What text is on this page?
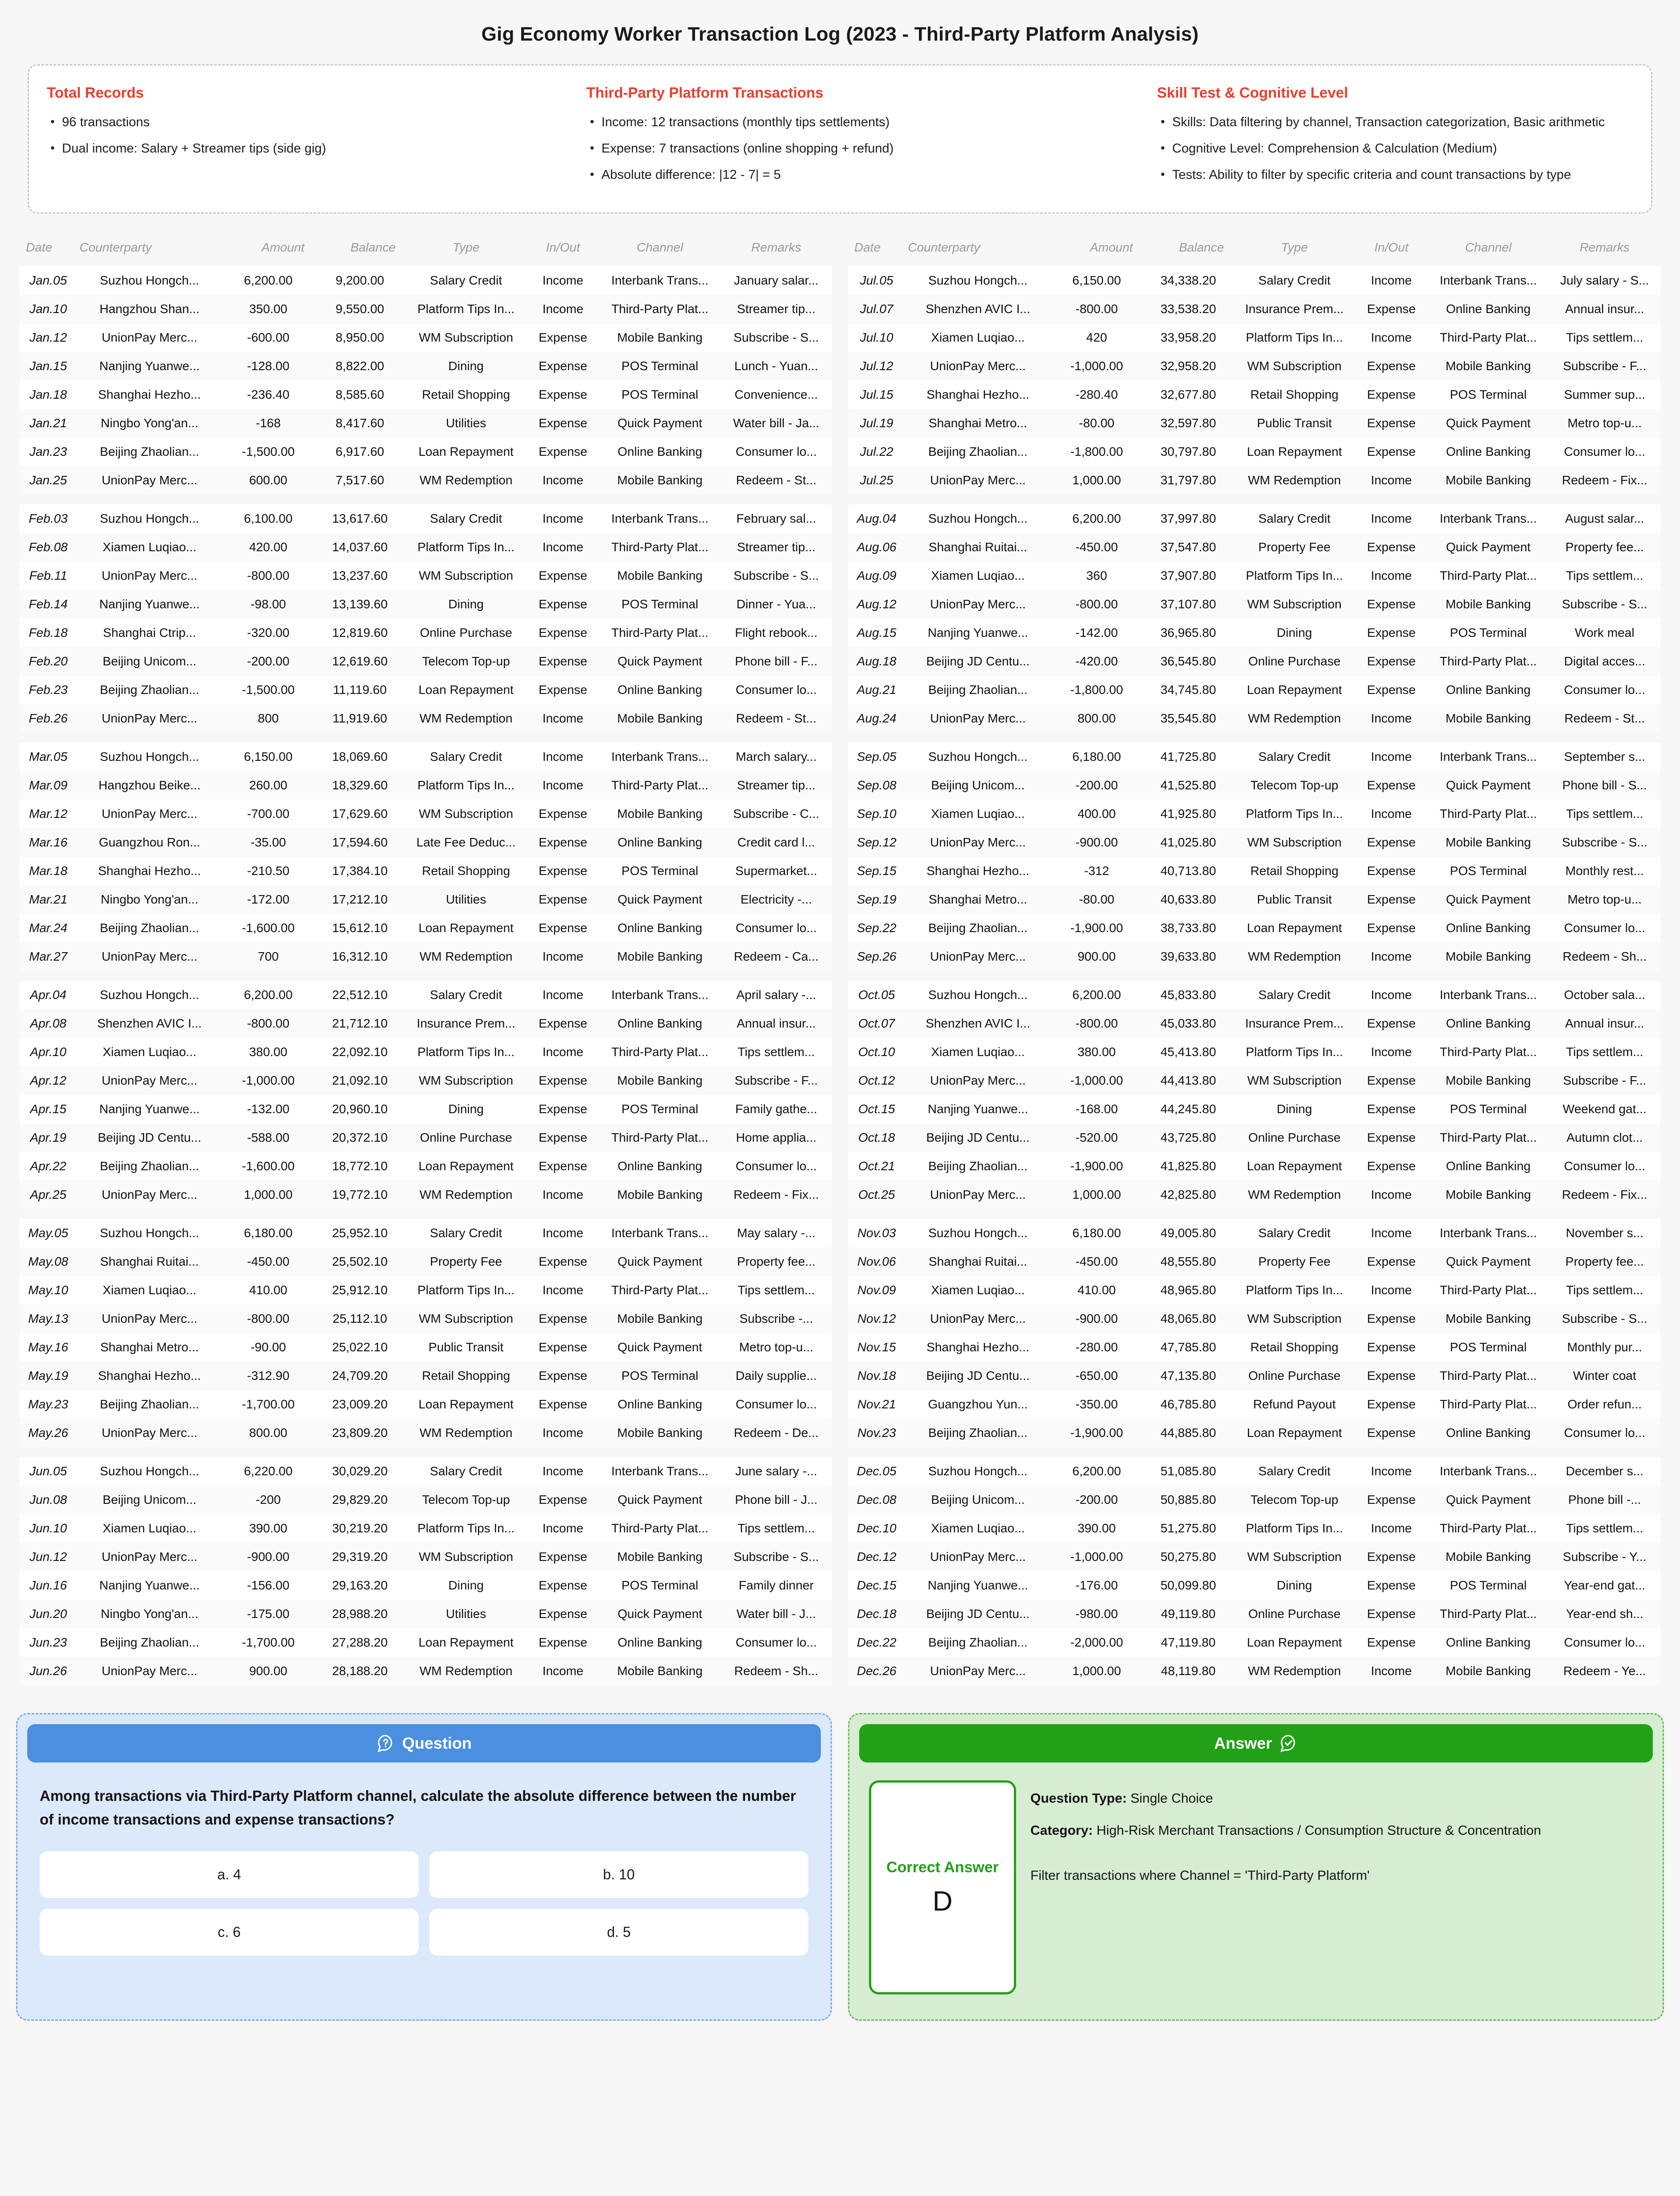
Gig Economy Worker Transaction Log (2023 - Third-Party Platform Analysis)
Total Records
• 96 transactions
• Dual income: Salary + Streamer tips (side gig)
Third-Party Platform Transactions
• Income: 12 transactions (monthly tips settlements)
• Expense: 7 transactions (online shopping + refund)
• Absolute difference: |12 - 7| = 5
Skill Test & Cognitive Level
• Skills: Data filtering by channel, Transaction categorization, Basic arithmetic
• Cognitive Level: Comprehension & Calculation (Medium)
• Tests: Ability to filter by specific criteria and count transactions by type
Date	Counterparty	Amount	Balance	Type	In/Out	Channel	Remarks
Jan.05	Suzhou Hongch...	6,200.00	9,200.00	Salary Credit	Income	Interbank Trans...	January salar...
Jan.10	Hangzhou Shan...	350.00	9,550.00	Platform Tips In...	Income	Third-Party Plat...	Streamer tip...
Jan.12	UnionPay Merc...	-600.00	8,950.00	WM Subscription	Expense	Mobile Banking	Subscribe - S...
Jan.15	Nanjing Yuanwe...	-128.00	8,822.00	Dining	Expense	POS Terminal	Lunch - Yuan...
Jan.18	Shanghai Hezho...	-236.40	8,585.60	Retail Shopping	Expense	POS Terminal	Convenience...
Jan.21	Ningbo Yong'an...	-168	8,417.60	Utilities	Expense	Quick Payment	Water bill - Ja...
Jan.23	Beijing Zhaolian...	-1,500.00	6,917.60	Loan Repayment	Expense	Online Banking	Consumer lo...
Jan.25	UnionPay Merc...	600.00	7,517.60	WM Redemption	Income	Mobile Banking	Redeem - St...

Feb.03	Suzhou Hongch...	6,100.00	13,617.60	Salary Credit	Income	Interbank Trans...	February sal...
Feb.08	Xiamen Luqiao...	420.00	14,037.60	Platform Tips In...	Income	Third-Party Plat...	Streamer tip...
Feb.11	UnionPay Merc...	-800.00	13,237.60	WM Subscription	Expense	Mobile Banking	Subscribe - S...
Feb.14	Nanjing Yuanwe...	-98.00	13,139.60	Dining	Expense	POS Terminal	Dinner - Yua...
Feb.18	Shanghai Ctrip...	-320.00	12,819.60	Online Purchase	Expense	Third-Party Plat...	Flight rebook...
Feb.20	Beijing Unicom...	-200.00	12,619.60	Telecom Top-up	Expense	Quick Payment	Phone bill - F...
Feb.23	Beijing Zhaolian...	-1,500.00	11,119.60	Loan Repayment	Expense	Online Banking	Consumer lo...
Feb.26	UnionPay Merc...	800	11,919.60	WM Redemption	Income	Mobile Banking	Redeem - St...

Mar.05	Suzhou Hongch...	6,150.00	18,069.60	Salary Credit	Income	Interbank Trans...	March salary...
Mar.09	Hangzhou Beike...	260.00	18,329.60	Platform Tips In...	Income	Third-Party Plat...	Streamer tip...
Mar.12	UnionPay Merc...	-700.00	17,629.60	WM Subscription	Expense	Mobile Banking	Subscribe - C...
Mar.16	Guangzhou Ron...	-35.00	17,594.60	Late Fee Deduc...	Expense	Online Banking	Credit card l...
Mar.18	Shanghai Hezho...	-210.50	17,384.10	Retail Shopping	Expense	POS Terminal	Supermarket...
Mar.21	Ningbo Yong'an...	-172.00	17,212.10	Utilities	Expense	Quick Payment	Electricity -...
Mar.24	Beijing Zhaolian...	-1,600.00	15,612.10	Loan Repayment	Expense	Online Banking	Consumer lo...
Mar.27	UnionPay Merc...	700	16,312.10	WM Redemption	Income	Mobile Banking	Redeem - Ca...

Apr.04	Suzhou Hongch...	6,200.00	22,512.10	Salary Credit	Income	Interbank Trans...	April salary -...
Apr.08	Shenzhen AVIC I...	-800.00	21,712.10	Insurance Prem...	Expense	Online Banking	Annual insur...
Apr.10	Xiamen Luqiao...	380.00	22,092.10	Platform Tips In...	Income	Third-Party Plat...	Tips settlem...
Apr.12	UnionPay Merc...	-1,000.00	21,092.10	WM Subscription	Expense	Mobile Banking	Subscribe - F...
Apr.15	Nanjing Yuanwe...	-132.00	20,960.10	Dining	Expense	POS Terminal	Family gathe...
Apr.19	Beijing JD Centu...	-588.00	20,372.10	Online Purchase	Expense	Third-Party Plat...	Home applia...
Apr.22	Beijing Zhaolian...	-1,600.00	18,772.10	Loan Repayment	Expense	Online Banking	Consumer lo...
Apr.25	UnionPay Merc...	1,000.00	19,772.10	WM Redemption	Income	Mobile Banking	Redeem - Fix...

May.05	Suzhou Hongch...	6,180.00	25,952.10	Salary Credit	Income	Interbank Trans...	May salary -...
May.08	Shanghai Ruitai...	-450.00	25,502.10	Property Fee	Expense	Quick Payment	Property fee...
May.10	Xiamen Luqiao...	410.00	25,912.10	Platform Tips In...	Income	Third-Party Plat...	Tips settlem...
May.13	UnionPay Merc...	-800.00	25,112.10	WM Subscription	Expense	Mobile Banking	Subscribe -...
May.16	Shanghai Metro...	-90.00	25,022.10	Public Transit	Expense	Quick Payment	Metro top-u...
May.19	Shanghai Hezho...	-312.90	24,709.20	Retail Shopping	Expense	POS Terminal	Daily supplie...
May.23	Beijing Zhaolian...	-1,700.00	23,009.20	Loan Repayment	Expense	Online Banking	Consumer lo...
May.26	UnionPay Merc...	800.00	23,809.20	WM Redemption	Income	Mobile Banking	Redeem - De...

Jun.05	Suzhou Hongch...	6,220.00	30,029.20	Salary Credit	Income	Interbank Trans...	June salary -...
Jun.08	Beijing Unicom...	-200	29,829.20	Telecom Top-up	Expense	Quick Payment	Phone bill - J...
Jun.10	Xiamen Luqiao...	390.00	30,219.20	Platform Tips In...	Income	Third-Party Plat...	Tips settlem...
Jun.12	UnionPay Merc...	-900.00	29,319.20	WM Subscription	Expense	Mobile Banking	Subscribe - S...
Jun.16	Nanjing Yuanwe...	-156.00	29,163.20	Dining	Expense	POS Terminal	Family dinner
Jun.20	Ningbo Yong'an...	-175.00	28,988.20	Utilities	Expense	Quick Payment	Water bill - J...
Jun.23	Beijing Zhaolian...	-1,700.00	27,288.20	Loan Repayment	Expense	Online Banking	Consumer lo...
Jun.26	UnionPay Merc...	900.00	28,188.20	WM Redemption	Income	Mobile Banking	Redeem - Sh...
Date	Counterparty	Amount	Balance	Type	In/Out	Channel	Remarks
Jul.05	Suzhou Hongch...	6,150.00	34,338.20	Salary Credit	Income	Interbank Trans...	July salary - S...
Jul.07	Shenzhen AVIC I...	-800.00	33,538.20	Insurance Prem...	Expense	Online Banking	Annual insur...
Jul.10	Xiamen Luqiao...	420	33,958.20	Platform Tips In...	Income	Third-Party Plat...	Tips settlem...
Jul.12	UnionPay Merc...	-1,000.00	32,958.20	WM Subscription	Expense	Mobile Banking	Subscribe - F...
Jul.15	Shanghai Hezho...	-280.40	32,677.80	Retail Shopping	Expense	POS Terminal	Summer sup...
Jul.19	Shanghai Metro...	-80.00	32,597.80	Public Transit	Expense	Quick Payment	Metro top-u...
Jul.22	Beijing Zhaolian...	-1,800.00	30,797.80	Loan Repayment	Expense	Online Banking	Consumer lo...
Jul.25	UnionPay Merc...	1,000.00	31,797.80	WM Redemption	Income	Mobile Banking	Redeem - Fix...

Aug.04	Suzhou Hongch...	6,200.00	37,997.80	Salary Credit	Income	Interbank Trans...	August salar...
Aug.06	Shanghai Ruitai...	-450.00	37,547.80	Property Fee	Expense	Quick Payment	Property fee...
Aug.09	Xiamen Luqiao...	360	37,907.80	Platform Tips In...	Income	Third-Party Plat...	Tips settlem...
Aug.12	UnionPay Merc...	-800.00	37,107.80	WM Subscription	Expense	Mobile Banking	Subscribe - S...
Aug.15	Nanjing Yuanwe...	-142.00	36,965.80	Dining	Expense	POS Terminal	Work meal
Aug.18	Beijing JD Centu...	-420.00	36,545.80	Online Purchase	Expense	Third-Party Plat...	Digital acces...
Aug.21	Beijing Zhaolian...	-1,800.00	34,745.80	Loan Repayment	Expense	Online Banking	Consumer lo...
Aug.24	UnionPay Merc...	800.00	35,545.80	WM Redemption	Income	Mobile Banking	Redeem - St...

Sep.05	Suzhou Hongch...	6,180.00	41,725.80	Salary Credit	Income	Interbank Trans...	September s...
Sep.08	Beijing Unicom...	-200.00	41,525.80	Telecom Top-up	Expense	Quick Payment	Phone bill - S...
Sep.10	Xiamen Luqiao...	400.00	41,925.80	Platform Tips In...	Income	Third-Party Plat...	Tips settlem...
Sep.12	UnionPay Merc...	-900.00	41,025.80	WM Subscription	Expense	Mobile Banking	Subscribe - S...
Sep.15	Shanghai Hezho...	-312	40,713.80	Retail Shopping	Expense	POS Terminal	Monthly rest...
Sep.19	Shanghai Metro...	-80.00	40,633.80	Public Transit	Expense	Quick Payment	Metro top-u...
Sep.22	Beijing Zhaolian...	-1,900.00	38,733.80	Loan Repayment	Expense	Online Banking	Consumer lo...
Sep.26	UnionPay Merc...	900.00	39,633.80	WM Redemption	Income	Mobile Banking	Redeem - Sh...

Oct.05	Suzhou Hongch...	6,200.00	45,833.80	Salary Credit	Income	Interbank Trans...	October sala...
Oct.07	Shenzhen AVIC I...	-800.00	45,033.80	Insurance Prem...	Expense	Online Banking	Annual insur...
Oct.10	Xiamen Luqiao...	380.00	45,413.80	Platform Tips In...	Income	Third-Party Plat...	Tips settlem...
Oct.12	UnionPay Merc...	-1,000.00	44,413.80	WM Subscription	Expense	Mobile Banking	Subscribe - F...
Oct.15	Nanjing Yuanwe...	-168.00	44,245.80	Dining	Expense	POS Terminal	Weekend gat...
Oct.18	Beijing JD Centu...	-520.00	43,725.80	Online Purchase	Expense	Third-Party Plat...	Autumn clot...
Oct.21	Beijing Zhaolian...	-1,900.00	41,825.80	Loan Repayment	Expense	Online Banking	Consumer lo...
Oct.25	UnionPay Merc...	1,000.00	42,825.80	WM Redemption	Income	Mobile Banking	Redeem - Fix...

Nov.03	Suzhou Hongch...	6,180.00	49,005.80	Salary Credit	Income	Interbank Trans...	November s...
Nov.06	Shanghai Ruitai...	-450.00	48,555.80	Property Fee	Expense	Quick Payment	Property fee...
Nov.09	Xiamen Luqiao...	410.00	48,965.80	Platform Tips In...	Income	Third-Party Plat...	Tips settlem...
Nov.12	UnionPay Merc...	-900.00	48,065.80	WM Subscription	Expense	Mobile Banking	Subscribe - S...
Nov.15	Shanghai Hezho...	-280.00	47,785.80	Retail Shopping	Expense	POS Terminal	Monthly pur...
Nov.18	Beijing JD Centu...	-650.00	47,135.80	Online Purchase	Expense	Third-Party Plat...	Winter coat
Nov.21	Guangzhou Yun...	-350.00	46,785.80	Refund Payout	Expense	Third-Party Plat...	Order refun...
Nov.23	Beijing Zhaolian...	-1,900.00	44,885.80	Loan Repayment	Expense	Online Banking	Consumer lo...

Dec.05	Suzhou Hongch...	6,200.00	51,085.80	Salary Credit	Income	Interbank Trans...	December s...
Dec.08	Beijing Unicom...	-200.00	50,885.80	Telecom Top-up	Expense	Quick Payment	Phone bill -...
Dec.10	Xiamen Luqiao...	390.00	51,275.80	Platform Tips In...	Income	Third-Party Plat...	Tips settlem...
Dec.12	UnionPay Merc...	-1,000.00	50,275.80	WM Subscription	Expense	Mobile Banking	Subscribe - Y...
Dec.15	Nanjing Yuanwe...	-176.00	50,099.80	Dining	Expense	POS Terminal	Year-end gat...
Dec.18	Beijing JD Centu...	-980.00	49,119.80	Online Purchase	Expense	Third-Party Plat...	Year-end sh...
Dec.22	Beijing Zhaolian...	-2,000.00	47,119.80	Loan Repayment	Expense	Online Banking	Consumer lo...
Dec.26	UnionPay Merc...	1,000.00	48,119.80	WM Redemption	Income	Mobile Banking	Redeem - Ye...
Question
Among transactions via Third-Party Platform channel, calculate the absolute difference between the number of income transactions and expense transactions?
a. 4	b. 10
c. 6	d. 5
Answer
Correct Answer
D

Question Type: Single Choice

Category: High-Risk Merchant Transactions / Consumption Structure & Concentration

Filter transactions where Channel = 'Third-Party Platform'
